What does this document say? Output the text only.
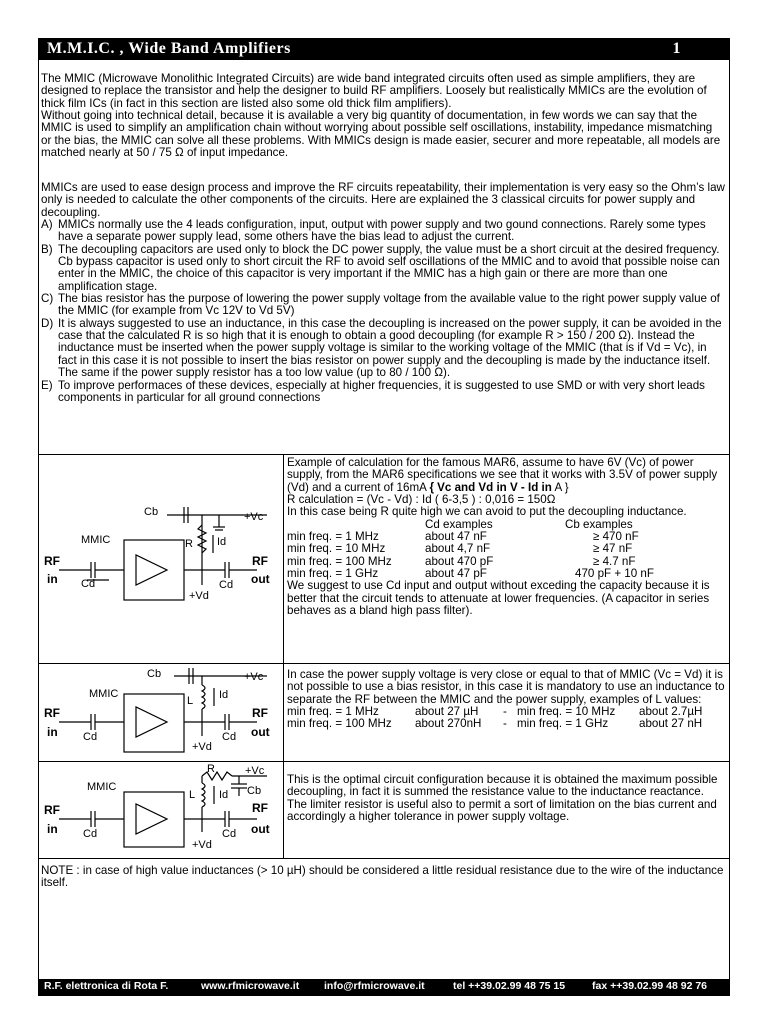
M.M.I.C. , Wide Band Amplifiers	1

The MMIC (Microwave Monolithic Integrated Circuits) are wide band integrated circuits often used as simple amplifiers, they are designed to replace the transistor and help the designer to build RF amplifiers. Loosely but realistically MMICs are the evolution of thick film ICs (in fact in this section are listed also some old thick film amplifiers).

Without going into technical detail, because it is available a very big quantity of documentation, in few words we can say that the MMIC is used to simplify an amplification chain without worrying about possible self oscillations, instability, impedance mismatching or the bias, the MMIC can solve all these problems. With MMICs design is made easier, securer and more repeatable, all models are matched nearly at 50 / 75 Ω of input impedance.

MMICs are used to ease design process and improve the RF circuits repeatability, their implementation is very easy so the Ohm’s law only is needed to calculate the other components of the circuits. Here are explained the 3 classical circuits for power supply and decoupling.

A) MMICs normally use the 4 leads configuration, input, output with power supply and two gound connections. Rarely some types have a separate power supply lead, some others have the bias lead to adjust the current.
B) The decoupling capacitors are used only to block the DC power supply, the value must be a short circuit at the desired frequency. Cb bypass capacitor is used only to short circuit the RF to avoid self oscillations of the MMIC and to avoid that possible noise can enter in the MMIC, the choice of this capacitor is very important if the MMIC has a high gain or there are more than one amplification stage.
C) The bias resistor has the purpose of lowering the power supply voltage from the available value to the right power supply value of the MMIC (for example from Vc 12V to Vd 5V)
D) It is always suggested to use an inductance, in this case the decoupling is increased on the power supply, it can be avoided in the case that the calculated R is so high that it is enough to obtain a good decoupling (for example R > 150 / 200 Ω). Instead the inductance must be inserted when the power supply voltage is similar to the working voltage of the MMIC (that is if Vd = Vc), in fact in this case it is not possible to insert the bias resistor on power supply and the decoupling is made by the inductance itself. The same if the power supply resistor has a too low value (up to 80 / 100 Ω).
E) To improve performaces of these devices, especially at higher frequencies, it is suggested to use SMD or with very short leads components in particular for all ground connections
MMIC
RF
in Cd
Cb	+Vc
R Id
RF
out
Cd
+Vd

Example of calculation for the famous MAR6, assume to have 6V (Vc) of power supply, from the MAR6 specifications we see that it works with 3.5V of power supply (Vd) and a current of 16mA { Vc and Vd in V - Id in A }

R calculation = (Vc - Vd) : Id ( 6-3,5 ) : 0,016 = 150Ω

In this case being R quite high we can avoid to put the decoupling inductance.

	Cd examples	Cb examples
min freq. = 1 MHz	about 47 nF	≥ 470 nF
min freq. = 10 MHz	about 4,7 nF	≥ 47 nF
min freq. = 100 MHz	about 470 pF	≥ 4.7 nF
min freq. = 1 GHz	about 47 pF	470 pF + 10 nF

We suggest to use Cd input and output without exceding the capacity because it is better that the circuit tends to attenuate at lower frequencies. (A capacitor in series behaves as a bland high pass filter).

MMIC
RF
in Cd
Cb	+Vc
L Id
RF
out
Cd
+Vd

In case the power supply voltage is very close or equal to that of MMIC (Vc = Vd) it is not possible to use a bias resistor, in this case it is mandatory to use an inductance to separate the RF between the MMIC and the power supply, examples of L values:

min freq. = 1 MHz	about 27 µH	-	min freq. = 10 MHz	about 2.7µH
min freq. = 100 MHz	about 270nH	-	min freq. = 1 GHz	about 27 nH
MMIC
RF
in Cd
R	+Vc
Cb
L Id
RF
out
Cd
+Vd

This is the optimal circuit configuration because it is obtained the maximum possible decoupling, in fact it is summed the resistance value to the inductance reactance.

The limiter resistor is useful also to permit a sort of limitation on the bias current and accordingly a higher tolerance in power supply voltage.

NOTE : in case of high value inductances (> 10 µH) should be considered a little residual resistance due to the wire of the inductance itself.
R.F. elettronica di Rota F.	www.rfmicrowave.it info@rfmicrowave.it	tel ++39.02.99 48 75 15	fax ++39.02.99 48 92 76
